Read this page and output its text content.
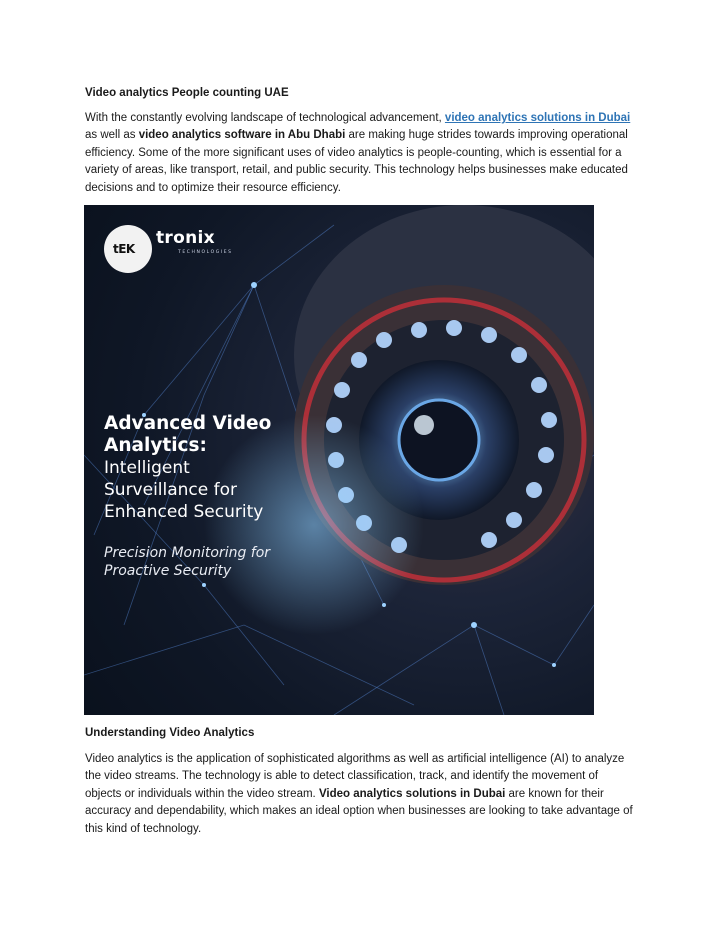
Video analytics People counting UAE

With the constantly evolving landscape of technological advancement, video analytics solutions in Dubai as well as video analytics software in Abu Dhabi are making huge strides towards improving operational efficiency. Some of the more significant uses of video analytics is people-counting, which is essential for a variety of areas, like transport, retail, and public security. This technology helps businesses make educated decisions and to optimize their resource efficiency.

tEK
tronix
TECHNOLOGIES
Advanced Video
Analytics:
Intelligent
Surveillance for
Enhanced Security
Precision Monitoring for
Proactive Security
Understanding Video Analytics

Video analytics is the application of sophisticated algorithms as well as artificial intelligence (AI) to analyze the video streams. The technology is able to detect classification, track, and identify the movement of objects or individuals within the video stream. Video analytics solutions in Dubai are known for their accuracy and dependability, which makes an ideal option when businesses are looking to take advantage of this kind of technology.
